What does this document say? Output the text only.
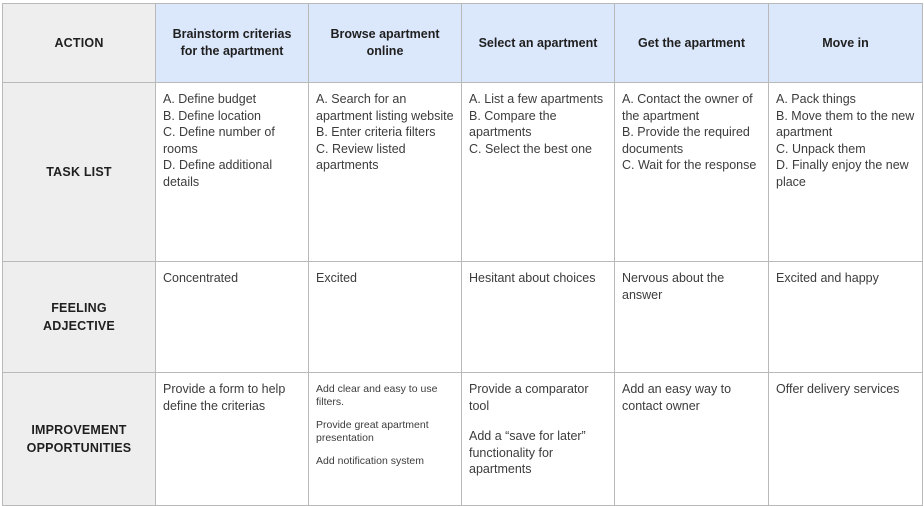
ACTION	Brainstorm criterias for the apartment	Browse apartment online	Select an apartment	Get the apartment	Move in
TASK LIST	A. Define budget
B. Define location
C. Define number of rooms
D. Define additional details	A. Search for an apartment listing website
B. Enter criteria filters
C. Review listed apartments	A. List a few apartments
B. Compare the apartments
C. Select the best one	A. Contact the owner of the apartment
B. Provide the required documents
C. Wait for the response	A. Pack things
B. Move them to the new apartment
C. Unpack them
D. Finally enjoy the new place

FEELING
ADJECTIVE	Concentrated	Excited	Hesitant about choices	Nervous about the answer	Excited and happy

IMPROVEMENT
OPPORTUNITIES	Provide a form to help define the criterias	Add clear and easy to use filters.
Provide great apartment presentation
Add notification system	Provide a comparator tool
Add a “save for later” functionality for apartments	Add an easy way to contact owner	Offer delivery services
